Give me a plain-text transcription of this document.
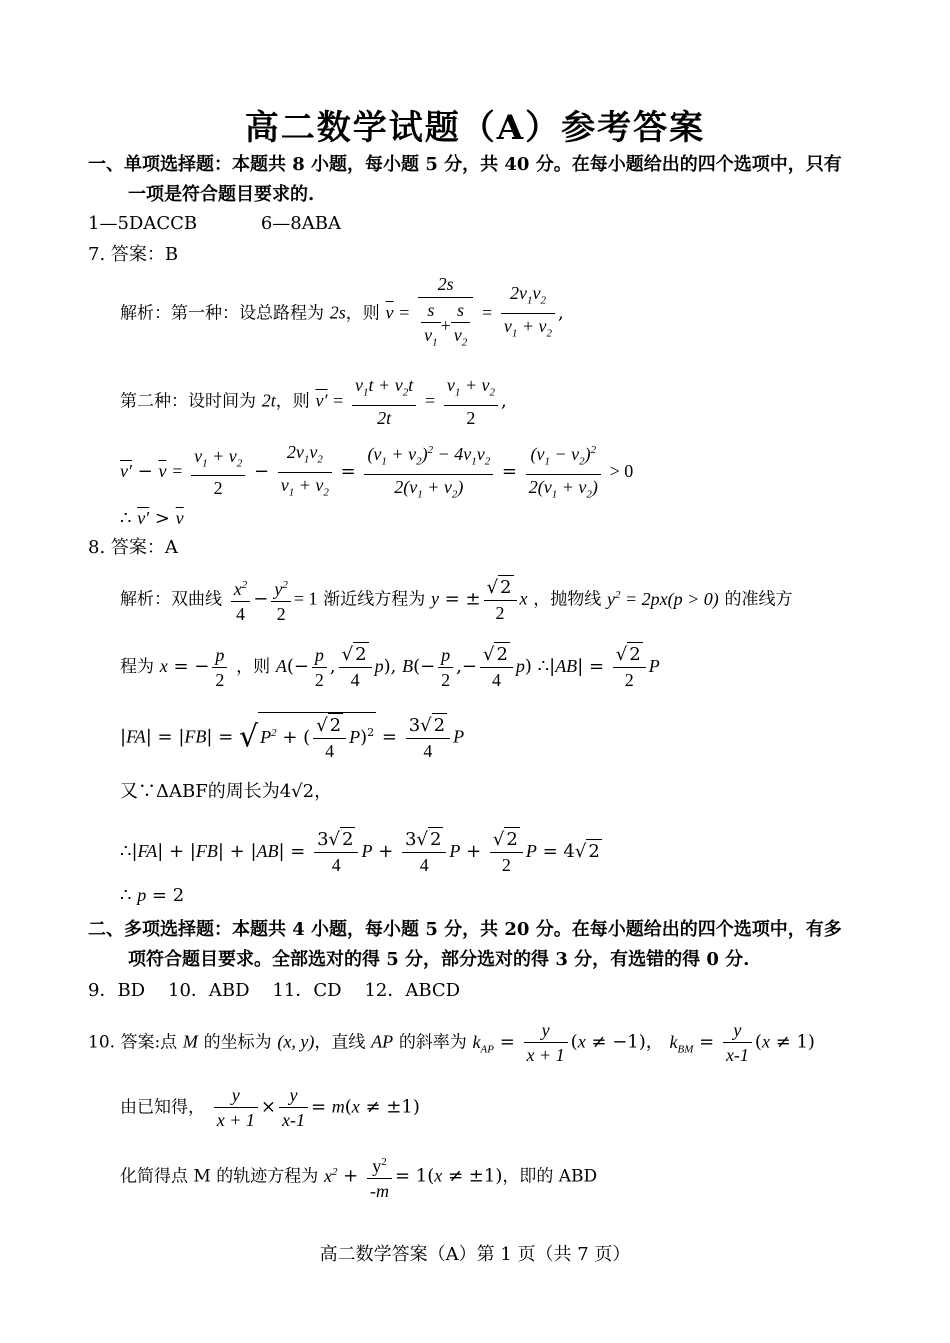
高二数学试题（A）参考答案
一、单项选择题：本题共 8 小题，每小题 5 分，共 40 分。在每小题给出的四个选项中，只有
一项是符合题目要求的.
1—5DACCB	6—8ABA
7. 答案：B
解析：第一种：设总路程为 2s，则 $\overline{v} = \frac{2s}{\frac{s}{v_1} + \frac{s}{v_2}} = \frac{2v_1v_2}{v_1 + v_2}$ ,
第二种：设时间为 2t，则 $v' = \frac{v_1t + v_2t}{2t} = \frac{v_1 + v_2}{2}$ ,
$v' - \overline{v} = \frac{v_1 + v_2}{2} - \frac{2v_1v_2}{v_1 + v_2} = \frac{(v_1 + v_2)^2 - 4v_1v_2}{2(v_1 + v_2)} = \frac{(v_1 - v_2)^2}{2(v_1 + v_2)} > 0$
∴ $v' > \overline{v}$
8. 答案：A
解析：双曲线 $\frac{x^2}{4} - \frac{y^2}{2} = 1$ 渐近线方程为 y = ± $\frac{√ 2}{2}$ x ，抛物线 $y^2 = 2px(p > 0)$ 的准线方
程为 x = − $\frac{p}{2}$ ，则 $A(- \frac{p}{2}$ , $\frac{√ 2}{4} p$), $B(- \frac{p}{2}$ ,− $\frac{√ 2}{4} p$) ∴|AB| = $\frac{√ 2}{2}$ P
|FA| = |FB| = √ $P^2$ + ( $\frac{√ 2}{4} P)^2 = \frac{3√ 2}{4}$ P
又∵ΔABF的周长为4√2，
∴|FA| + $|FB| + |AB| = \frac{3√ 2}{4}$ $P + \frac{3√ 2}{4}$ $P + \frac{√ 2}{2}$ P = 4√ 2
∴ p = 2
二、多项选择题：本题共 4 小题，每小题 5 分，共 20 分。在每小题给出的四个选项中，有多
项符合题目要求。全部选对的得 5 分，部分选对的得 3 分，有选错的得 0 分.
9．BD    10．ABD    11．CD    12．ABCD
10. 答案:点 M 的坐标为 (x, y)，直线 AP 的斜率为 $k_{AP} = \frac{y}{x + 1} (x \ne -1)$， $k_{BM} = \frac{y}{x-1} (x \ne 1)$
由已知得， $\frac{y}{x + 1} \times \frac{y}{x-1} = m(x \ne \pm 1)$
化简得点 M 的轨迹方程为 $x^2 + \frac{y^2}{-m} = 1(x \ne \pm 1)$，即的 ABD
高二数学答案（A）第 1 页（共 7 页）
